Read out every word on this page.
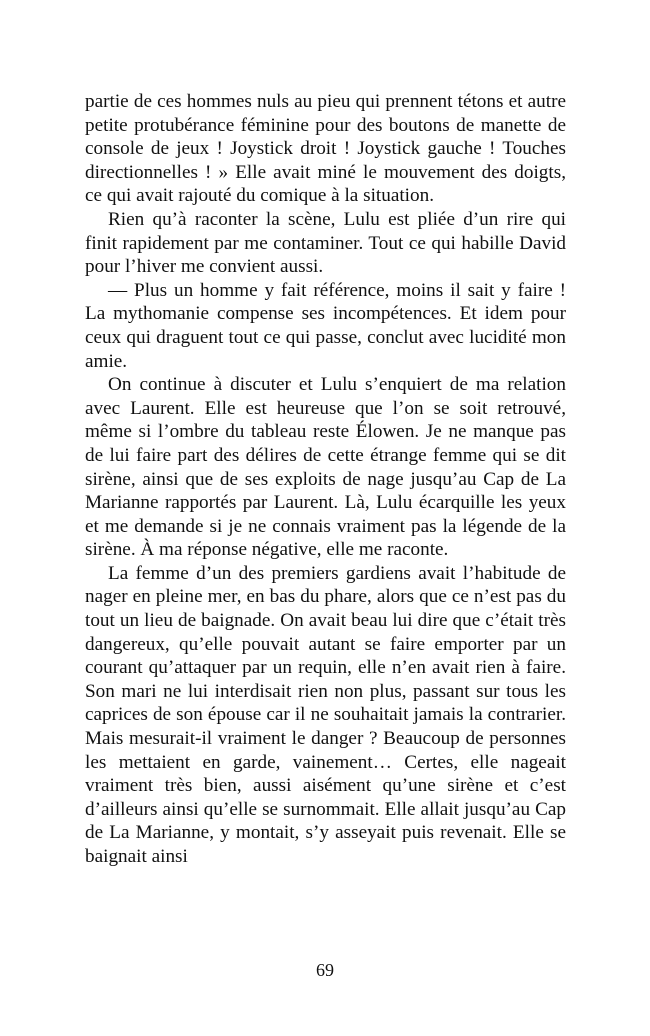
partie de ces hommes nuls au pieu qui prennent tétons et autre petite protubérance féminine pour des boutons de manette de console de jeux ! Joystick droit ! Joystick gauche ! Touches directionnelles ! » Elle avait miné le mouvement des doigts, ce qui avait rajouté du comique à la situation.

Rien qu’à raconter la scène, Lulu est pliée d’un rire qui finit rapidement par me contaminer. Tout ce qui habille David pour l’hiver me convient aussi.

— Plus un homme y fait référence, moins il sait y faire ! La mythomanie compense ses incompétences. Et idem pour ceux qui draguent tout ce qui passe, conclut avec lucidité mon amie.

On continue à discuter et Lulu s’enquiert de ma relation avec Laurent. Elle est heureuse que l’on se soit retrouvé, même si l’ombre du tableau reste Élowen. Je ne manque pas de lui faire part des délires de cette étrange femme qui se dit sirène, ainsi que de ses exploits de nage jusqu’au Cap de La Marianne rapportés par Laurent. Là, Lulu écarquille les yeux et me demande si je ne connais vraiment pas la légende de la sirène. À ma réponse négative, elle me raconte.

La femme d’un des premiers gardiens avait l’habitude de nager en pleine mer, en bas du phare, alors que ce n’est pas du tout un lieu de baignade. On avait beau lui dire que c’était très dangereux, qu’elle pouvait autant se faire emporter par un courant qu’attaquer par un requin, elle n’en avait rien à faire. Son mari ne lui interdisait rien non plus, passant sur tous les caprices de son épouse car il ne souhaitait jamais la contrarier. Mais mesurait-il vraiment le danger ? Beaucoup de personnes les mettaient en garde, vainement… Certes, elle nageait vraiment très bien, aussi aisément qu’une sirène et c’est d’ailleurs ainsi qu’elle se surnommait. Elle allait jusqu’au Cap de La Marianne, y montait, s’y asseyait puis revenait. Elle se baignait ainsi

69
